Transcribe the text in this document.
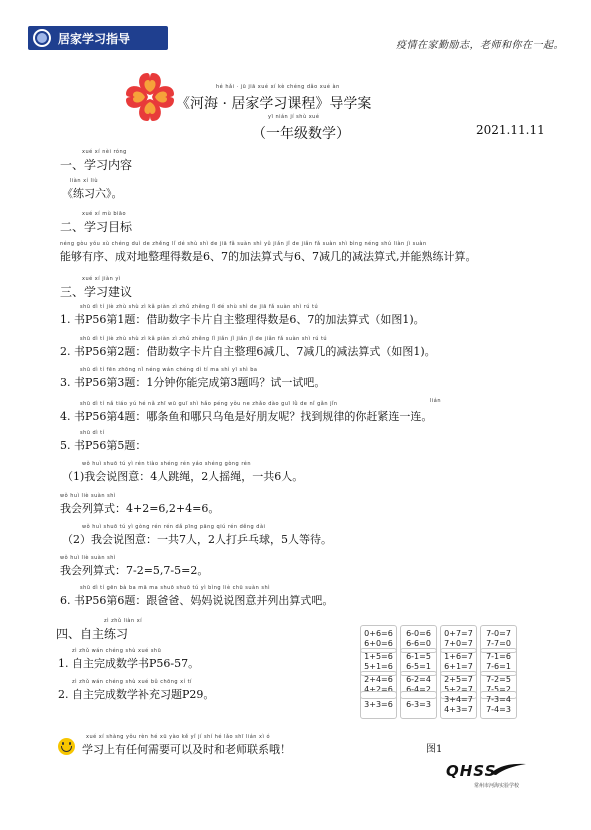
居家学习指导	疫情在家勤励志，老师和你在一起。
hé hǎi · jū jiā xué xí kè chéng dǎo xué àn
《河海 · 居家学习课程》导学案
yī nián jí shù xué
（一年级数学）	2021.11.11
xué xí nèi róng
一、学习内容
liàn xí liù
《练习六》。
xué xí mù biāo
二、学习目标
néng gòu yǒu xù chéng duì de zhěng lǐ dé shù shì de jiā fǎ suàn shì yǔ jiǎn jǐ de jiǎn fǎ suàn shì bìng néng shú liàn jì suàn
能够有序、成对地整理得数是6、7的加法算式与6、7减几的减法算式,并能熟练计算。
xué xí jiàn yì
三、学习建议
shū dì tí jiè zhù shù zì kǎ piàn zì zhǔ zhěng lǐ dé shù shì de jiā fǎ suàn shì rú tú
1. 书P56第1题：借助数字卡片自主整理得数是6、7的加法算式（如图1)。
shū dì tí jiè zhù shù zì kǎ piàn zì zhǔ zhěng lǐ jiǎn jǐ jiǎn jǐ de jiǎn fǎ suàn shì rú tú
2. 书P56第2题：借助数字卡片自主整理6减几、7减几的减法算式（如图1)。
shū dì tí fēn zhōng nǐ néng wán chéng dì tí ma shì yī shì ba
3. 书P56第3题：1分钟你能完成第3题吗？试一试吧。
lián
shū dì tí nǎ tiáo yú hé nǎ zhī wū guī shì hǎo péng yǒu ne zhǎo dào guī lǜ de nǐ gǎn jǐn
4. 书P56第4题：哪条鱼和哪只乌龟是好朋友呢？找到规律的你赶紧连一连。
shū dì tí
5. 书P56第5题：
wǒ huì shuō tú yì rén tiào shéng rén yáo shéng gòng rén
（1)我会说图意：4人跳绳，2人摇绳，一共6人。
wǒ huì liè suàn shì
我会列算式：4+2=6,2+4=6。
wǒ huì shuō tú yì gòng rén rén dǎ pīng pāng qiú rén děng dài
（2）我会说图意：一共7人，2人打乒乓球，5人等待。
wǒ huì liè suàn shì
我会列算式：7-2=5,7-5=2。
shū dì tí gēn bà ba mā ma shuō shuō tú yì bìng liè chū suàn shì
6. 书P56第6题：跟爸爸、妈妈说说图意并列出算式吧。
zì zhǔ liàn xí
四、自主练习
zì zhǔ wán chéng shù xué shū
1. 自主完成数学书P56-57。
zì zhǔ wán chéng shù xué bǔ chōng xí tí
2. 自主完成数学补充习题P29。
0+6=6
6+0=6
6-0=6
6-6=0
0+7=7
7+0=7
7-0=7
7-7=0
1+5=6
5+1=6
6-1=5
6-5=1
1+6=7
6+1=7
7-1=6
7-6=1
2+4=6
4+2=6
6-2=4
6-4=2
2+5=7
5+2=7
7-2=5
7-5=2
3+3=6	6-3=3
3+4=7
4+3=7
7-3=4
7-4=3
图1
xué xí shàng yǒu rèn hé xū yào kě yǐ jí shí hé lǎo shī lián xì ó
学习上有任何需要可以及时和老师联系哦！
QHSS
常州市河海实验学校
